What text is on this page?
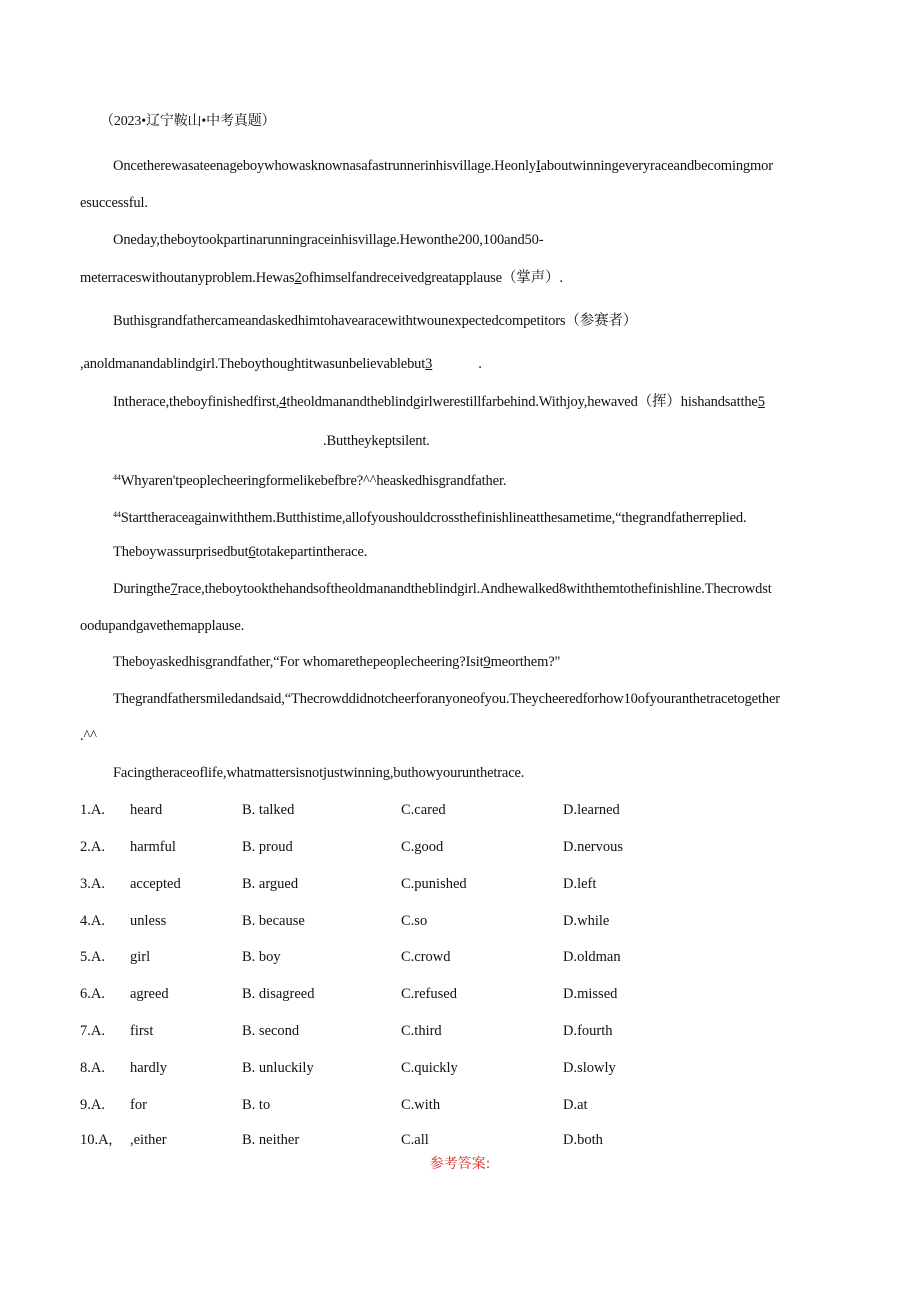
（2023•辽宁鞍山•中考真题）
Oncetherewasateenageboywhowasknownasafastrunnerinhisvillage.HeonlyIaboutwinningeveryraceandbecomingmor
esuccessful.
Oneday,theboytookpartinarunningraceinhisvillage.Hewonthe200,100and50-
meterraceswithoutanyproblem.Hewas2ofhimselfandreceivedgreatapplause（掌声）.
Buthisgrandfathercameandaskedhimtohavearacewithtwounexpectedcompetitors（参赛者）
,anoldmanandablindgirl.Theboythoughtitwasunbelievablebut3	.
Intherace,theboyfinishedfirst,4theoldmanandtheblindgirlwerestillfarbehind.Withjoy,hewaved（挥）hishandsatthe5
.Buttheykeptsilent.
$^{44}$Whyaren'tpeoplecheeringformelikebefbre?^^heaskedhisgrandfather.
$^{44}$Starttheraceagainwiththem.Butthistime,allofyoushouldcrossthefinishlineatthesametime,“thegrandfatherreplied.
Theboywassurprisedbut6totakepartintherace.
Duringthe7race,theboytookthehandsoftheoldmanandtheblindgirl.Andhewalked8withthemtothefinishline.Thecrowdst
oodupandgavethemapplause.
Theboyaskedhisgrandfather,“For whomarethepeoplecheering?Isit9meorthem?"
Thegrandfathersmiledandsaid,“Thecrowddidnotcheerforanyoneofyou.Theycheeredforhow10ofyouranthetracetogether
.^^
Facingtheraceoflife,whatmattersisnotjustwinning,buthowyourunthetrace.
1.A. heard	B. talked	C.cared	D.learned
2.A. harmful	B. proud	C.good	D.nervous
3.A. accepted	B. argued	C.punished	D.left
4.A. unless	B. because	C.so	D.while
5.A. girl	B. boy	C.crowd	D.oldman
6.A. agreed	B. disagreed	C.refused	D.missed
7.A. first	B. second	C.third	D.fourth
8.A. hardly	B. unluckily	C.quickly	D.slowly
9.A. for	B. to	C.with	D.at
10.A, ,either	B. neither	C.all	D.both
参考答案:
